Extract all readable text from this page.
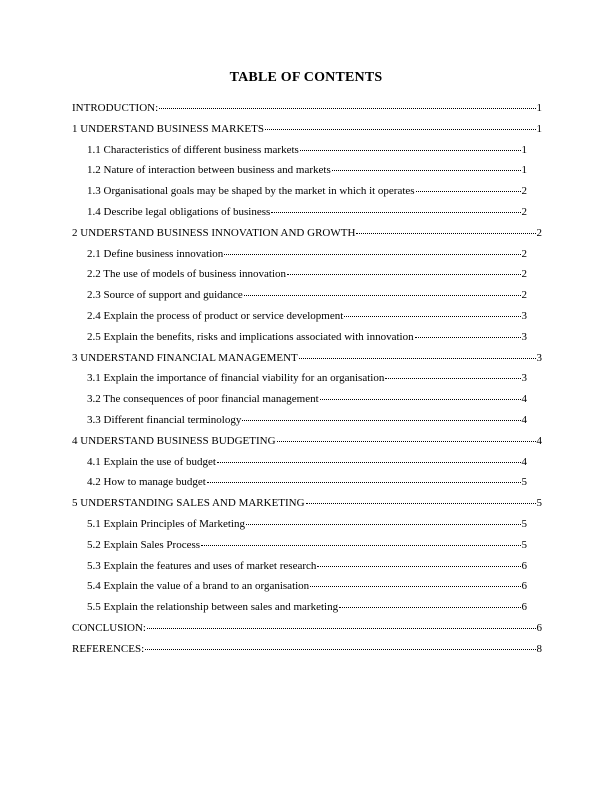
TABLE OF CONTENTS
INTRODUCTION:	1
1 UNDERSTAND BUSINESS MARKETS	1
1.1 Characteristics of different business markets	1
1.2 Nature of interaction between business and markets	1
1.3 Organisational goals may be shaped by the market in which it operates	2
1.4 Describe legal obligations of business	2
2 UNDERSTAND BUSINESS INNOVATION AND GROWTH	2
2.1 Define business innovation	2
2.2 The use of models of business innovation	2
2.3 Source of support and guidance	2
2.4 Explain the process of product or service development	3
2.5 Explain the benefits, risks and implications associated with innovation	3
3 UNDERSTAND FINANCIAL MANAGEMENT	3
3.1 Explain the importance of financial viability for an organisation	3
3.2 The consequences of poor financial management	4
3.3 Different financial terminology	4
4 UNDERSTAND BUSINESS BUDGETING	4
4.1 Explain the use of budget	4
4.2 How to manage budget	5
5 UNDERSTANDING SALES AND MARKETING	5
5.1 Explain Principles of Marketing	5
5.2 Explain Sales Process	5
5.3 Explain the features and uses of market research	6
5.4 Explain the value of a brand to an organisation	6
5.5 Explain the relationship between sales and marketing	6
CONCLUSION:	6
REFERENCES:	8
